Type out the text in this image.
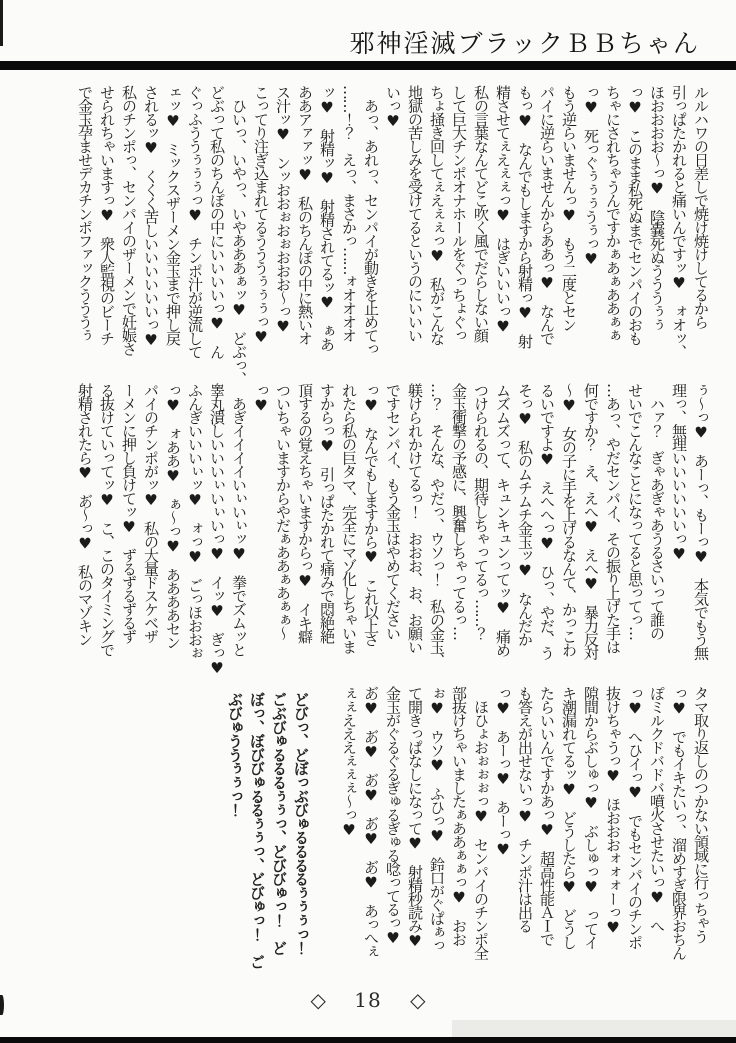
邪神淫滅ブラックＢＢちゃん

ルルハワの日差しで焼け焼けしてるから

引っぱたかれると痛いんですッ♥　ォオッ、

ほおおおお～っ♥　陰嚢死ぬうううぅぅ

っ♥　このまま私死ぬまでセンパイのおも

ちゃにされちゃうんですかぁあぁああぁぁ

っ♥　死っぐぅぅぅうぅっ♥

もう逆らいませんっ♥　もう二度とセン

パイに逆らいませんからああっ♥　なんで

もっ♥　なんでもしますから射精っ♥　射

精させてぇえぇぇっ♥　はぎいいいっ♥

私の言葉なんてどこ吹く風でだらしない顔

して巨大チンポオナホールをぐっちょぐっ

ちょ掻き回してぇえぇぇっ♥　私がこんな

地獄の苦しみを受けてるというのにいいい

いっ♥

　あっ、あれっ、センパイが動きを止めてっ

……！？　えっ、まさかっ……ォオオオオ

ッ♥　射精ッ♥　射精されてるッ♥　ぁあ

ああアァァッ♥　私のちんぽの中に熱いオ

ス汁ッ♥　ンッおおぉおぉおおお～っ♥

こってり注ぎ込まれてるうううぅぅぅっ♥

　ひいっ、いやっ、いやあああぁッ♥　どぶっ、

どぶって私のちんぽの中にいいいいっ♥　ん

ぐっふううぅぅぅっ♥　チンポ汁が逆流して

ェッ♥　ミックスザーメン金玉まで押し戻

されるッ♥　くくく苦しいいいいいいっ♥

私のチンポっ、センパイのザーメンで妊娠さ

せられちゃいますっ♥　衆人監視のビーチ

で金玉孕ませデカチンポファックうううぅ

ぅ～っ♥　あーっ、もーっ♥　本気でもう無

理っ、無理いいいいいいっ♥

　ハァ？　ぎゃあぎゃあうるさいって誰の

せいでこんなことになってると思ってっ…

…あっ、やだセンパイ、その振り上げた手は

何ですか？　え、えへ♥　えへ♥　暴力反対

～♥　女の子に手を上げるなんて、かっこわ

るいですよ♥　えへへっ♥　ひっ、やだ、う

そっ♥　私のムチムチ金玉ッ♥　なんだか

ムズムズって、キュンキュンってッ♥　痛め

つけられるの、期待しちゃってるっ……？

金玉衝撃の予感に、興奮しちゃってるっ…

…？　そんな、やだっ、ウソっ！　私の金玉、

躾けられかけてるっ！　おおお、お、お願い

ですセンパイ、もう金玉はやめてください

っ♥　なんでもしますから♥　これ以上さ

れたら私の巨タマ、完全にマゾ化しちゃいま

すからっ♥　引っぱたかれて痛みで悶絶絶

頂するの覚えちゃいますからっ♥　イキ癖

ついちゃいますからやだぁああぁあぁぁ～

っ♥

　あぎイイイイいぃいぃッ♥　拳でズムッと

睾丸潰しいいいぃいぃいっ♥　イッ♥　ぎっ♥

ふんぎいいいぃッ♥　ォっ♥　ごっほおおぉ

っ♥　ォああ♥　ぁ～っ♥　ああああセン

パイのチンポがッ♥　私の大量ドスケベザ

ーメンに押し負けてッ♥　ずるずるずるず

る抜けていってッ♥　こ、このタイミングで

射精されたら♥　あ゙～っ♥　私のマゾキン

タマ取り返しのつかない領域に行っちゃう

っ♥　でもイキたいっ、溜めすぎ限界おちん

ぽミルクドバドバ噴火させたいっ♥　へ

っ♥　へひイっ♥　でもセンパイのチンポ

抜けちゃうっ♥　ほおおおォォォーっ♥

隙間からぶしゅっ♥　ぶしゅっ♥　ってイ

キ潮漏れてるッ♥　どうしたら♥　どうし

たらいいんですかあっ♥　超高性能ＡＩで

も答えが出せないっ♥　チンポ汁は出る

っ♥　あーっ♥　あーっ♥

　ほひょおぉぉぉっ♥　センパイのチンポ全

部抜けちゃいましたぁああぁぁっ♥　おお

ぉ♥　ウソ♥　ふひっ♥　鈴口がぐぱぁっ

て開きっぱなしになって♥　射精秒読み♥

金玉がぐるぐるぎゅるぎゅる唸ってるっ♥

あ゙♥　あ゙♥　あ゙♥　あ゙♥　あ゙♥　あっへぇ

ぇぇえええぇぇぇ～っ♥

どびっ、どぼっぶびゅるるるるぅぅぅっ！

ごぶびゅるるるぅぅっ、どびびゅっ！　ど

ぼっ、ぼびびゅるるぅぅっ、どびゅっ！　ご

ぶびゅううぅぅっ！

◇ 18 ◇
